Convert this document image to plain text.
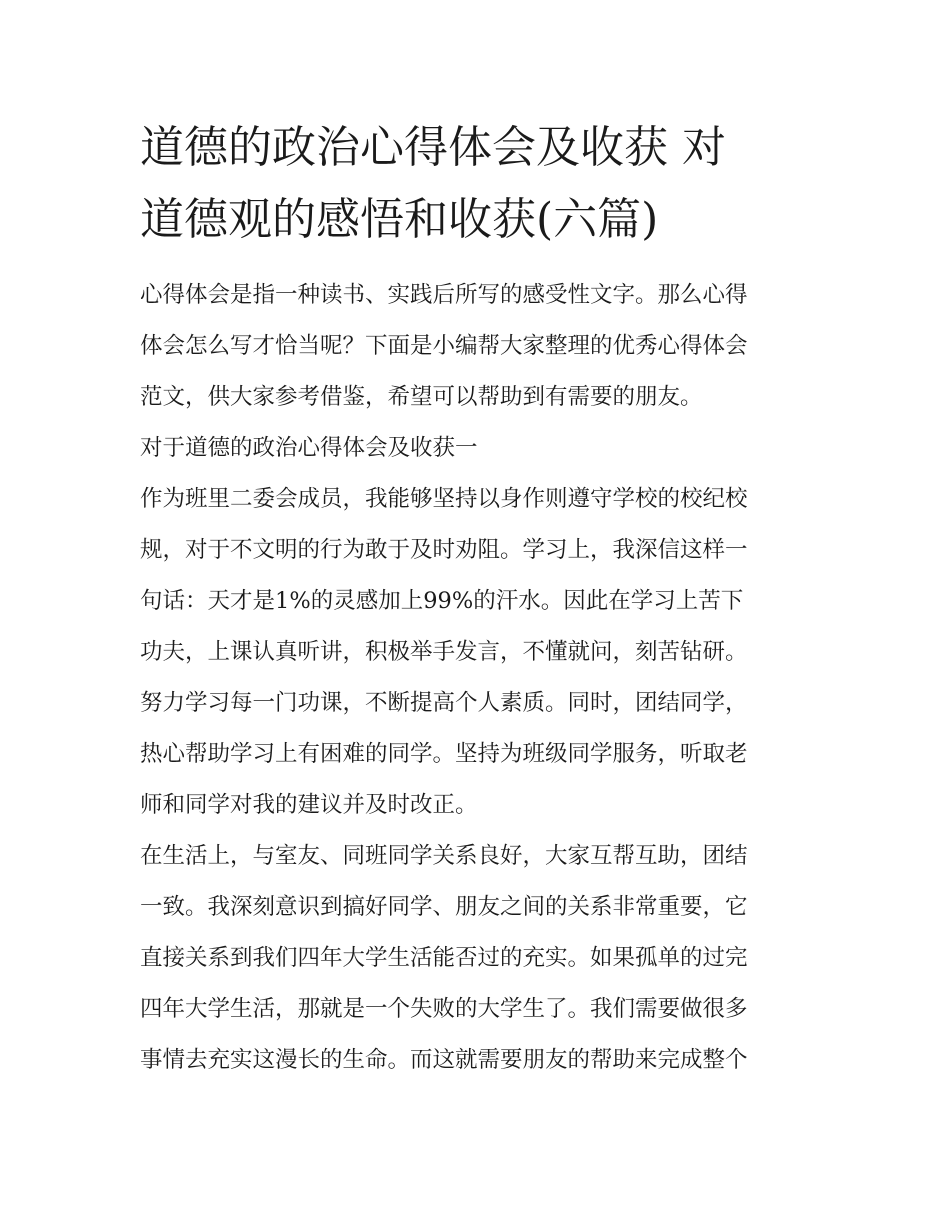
道德的政治心得体会及收获 对
道德观的感悟和收获(六篇)
心得体会是指一种读书、实践后所写的感受性文字。那么心得
体会怎么写才恰当呢？下面是小编帮大家整理的优秀心得体会
范文，供大家参考借鉴，希望可以帮助到有需要的朋友。
对于道德的政治心得体会及收获一
作为班里二委会成员，我能够坚持以身作则遵守学校的校纪校
规，对于不文明的行为敢于及时劝阻。学习上，我深信这样一
句话：天才是1%的灵感加上99%的汗水。因此在学习上苦下
功夫，上课认真听讲，积极举手发言，不懂就问，刻苦钻研。
努力学习每一门功课，不断提高个人素质。同时，团结同学，
热心帮助学习上有困难的同学。坚持为班级同学服务，听取老
师和同学对我的建议并及时改正。
在生活上，与室友、同班同学关系良好，大家互帮互助，团结
一致。我深刻意识到搞好同学、朋友之间的关系非常重要，它
直接关系到我们四年大学生活能否过的充实。如果孤单的过完
四年大学生活，那就是一个失败的大学生了。我们需要做很多
事情去充实这漫长的生命。而这就需要朋友的帮助来完成整个
